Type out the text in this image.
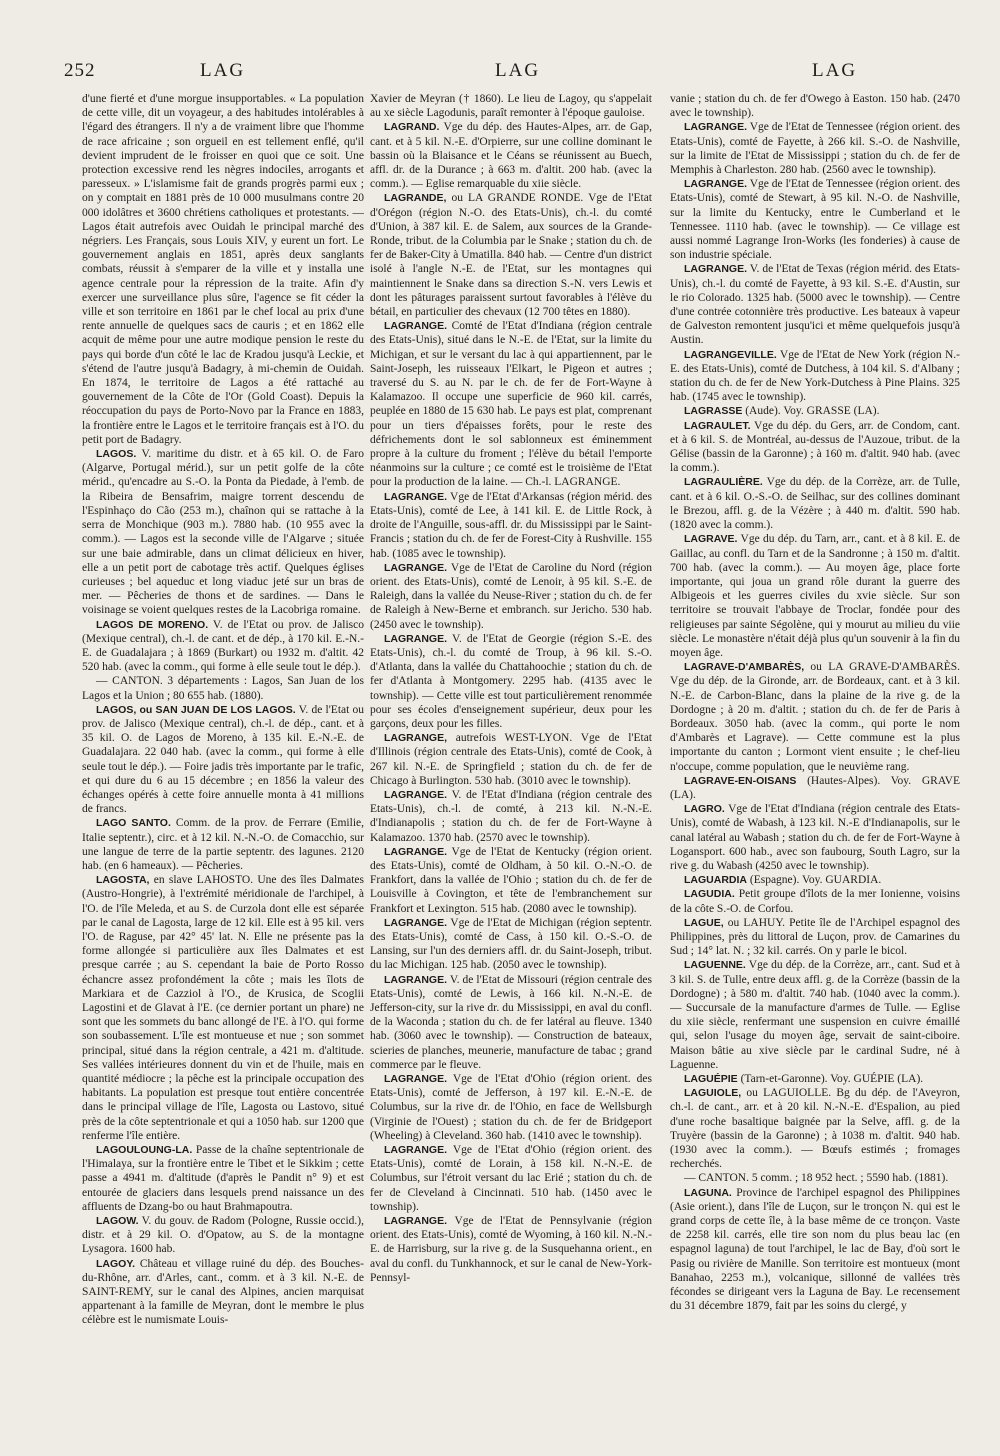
252	LAG	LAG	LAG

d'une fierté et d'une morgue insupportables. « La population de cette ville, dit un voyageur, a des habitudes intolérables à l'égard des étrangers. Il n'y a de vraiment libre que l'homme de race africaine ; son orgueil en est tellement enflé, qu'il devient imprudent de le froisser en quoi que ce soit. Une protection excessive rend les nègres indociles, arrogants et paresseux. » L'islamisme fait de grands progrès parmi eux ; on y comptait en 1881 près de 10 000 musulmans contre 20 000 idolâtres et 3600 chrétiens catholiques et protestants. — Lagos était autrefois avec Ouidah le principal marché des négriers. Les Français, sous Louis XIV, y eurent un fort. Le gouvernement anglais en 1851, après deux sanglants combats, réussit à s'emparer de la ville et y installa une agence centrale pour la répression de la traite. Afin d'y exercer une surveillance plus sûre, l'agence se fit céder la ville et son territoire en 1861 par le chef local au prix d'une rente annuelle de quelques sacs de cauris ; et en 1862 elle acquit de même pour une autre modique pension le reste du pays qui borde d'un côté le lac de Kradou jusqu'à Leckie, et s'étend de l'autre jusqu'à Badagry, à mi-chemin de Ouidah. En 1874, le territoire de Lagos a été rattaché au gouvernement de la Côte de l'Or (Gold Coast). Depuis la réoccupation du pays de Porto-Novo par la France en 1883, la frontière entre le Lagos et le territoire français est à l'O. du petit port de Badagry.

LAGOS. V. maritime du distr. et à 65 kil. O. de Faro (Algarve, Portugal mérid.), sur un petit golfe de la côte mérid., qu'encadre au S.-O. la Ponta da Piedade, à l'emb. de la Ribeira de Bensafrim, maigre torrent descendu de l'Espinhaço do Cão (253 m.), chaînon qui se rattache à la serra de Monchique (903 m.). 7880 hab. (10 955 avec la comm.). — Lagos est la seconde ville de l'Algarve ; située sur une baie admirable, dans un climat délicieux en hiver, elle a un petit port de cabotage très actif. Quelques églises curieuses ; bel aqueduc et long viaduc jeté sur un bras de mer. — Pêcheries de thons et de sardines. — Dans le voisinage se voient quelques restes de la Lacobriga romaine.

LAGOS DE MORENO. V. de l'Etat ou prov. de Jalisco (Mexique central), ch.-l. de cant. et de dép., à 170 kil. E.-N.-E. de Guadalajara ; à 1869 (Burkart) ou 1932 m. d'altit. 42 520 hab. (avec la comm., qui forme à elle seule tout le dép.).

— CANTON. 3 départements : Lagos, San Juan de los Lagos et la Union ; 80 655 hab. (1880).

LAGOS, ou SAN JUAN DE LOS LAGOS. V. de l'Etat ou prov. de Jalisco (Mexique central), ch.-l. de dép., cant. et à 35 kil. O. de Lagos de Moreno, à 135 kil. E.-N.-E. de Guadalajara. 22 040 hab. (avec la comm., qui forme à elle seule tout le dép.). — Foire jadis très importante par le trafic, et qui dure du 6 au 15 décembre ; en 1856 la valeur des échanges opérés à cette foire annuelle monta à 41 millions de francs.

LAGO SANTO. Comm. de la prov. de Ferrare (Emilie, Italie septentr.), circ. et à 12 kil. N.-N.-O. de Comacchio, sur une langue de terre de la partie septentr. des lagunes. 2120 hab. (en 6 hameaux). — Pêcheries.

LAGOSTA, en slave LAHOSTO. Une des îles Dalmates (Austro-Hongrie), à l'extrémité méridionale de l'archipel, à l'O. de l'île Meleda, et au S. de Curzola dont elle est séparée par le canal de Lagosta, large de 12 kil. Elle est à 95 kil. vers l'O. de Raguse, par 42° 45' lat. N. Elle ne présente pas la forme allongée si particulière aux îles Dalmates et est presque carrée ; au S. cependant la baie de Porto Rosso échancre assez profondément la côte ; mais les îlots de Markiara et de Cazziol à l'O., de Krusica, de Scoglii Lagostini et de Glavat à l'E. (ce dernier portant un phare) ne sont que les sommets du banc allongé de l'E. à l'O. qui forme son soubassement. L'île est montueuse et nue ; son sommet principal, situé dans la région centrale, a 421 m. d'altitude. Ses vallées intérieures donnent du vin et de l'huile, mais en quantité médiocre ; la pêche est la principale occupation des habitants. La population est presque tout entière concentrée dans le principal village de l'île, Lagosta ou Lastovo, situé près de la côte septentrionale et qui a 1050 hab. sur 1200 que renferme l'île entière.

LAGOULOUNG-LA. Passe de la chaîne septentrionale de l'Himalaya, sur la frontière entre le Tibet et le Sikkim ; cette passe a 4941 m. d'altitude (d'après le Pandit n° 9) et est entourée de glaciers dans lesquels prend naissance un des affluents de Dzang-bo ou haut Brahmapoutra.

LAGOW. V. du gouv. de Radom (Pologne, Russie occid.), distr. et à 29 kil. O. d'Opatow, au S. de la montagne Lysagora. 1600 hab.

LAGOY. Château et village ruiné du dép. des Bouches-du-Rhône, arr. d'Arles, cant., comm. et à 3 kil. N.-E. de SAINT-REMY, sur le canal des Alpines, ancien marquisat appartenant à la famille de Meyran, dont le membre le plus célèbre est le numismate Louis-

Xavier de Meyran († 1860). Le lieu de Lagoy, qu s'appelait au xe siècle Lagodunis, paraît remonter à l'époque gauloise.

LAGRAND. Vge du dép. des Hautes-Alpes, arr. de Gap, cant. et à 5 kil. N.-E. d'Orpierre, sur une colline dominant le bassin où la Blaisance et le Céans se réunissent au Buech, affl. dr. de la Durance ; à 663 m. d'altit. 200 hab. (avec la comm.). — Eglise remarquable du xiie siècle.

LAGRANDE, ou LA GRANDE RONDE. Vge de l'Etat d'Orégon (région N.-O. des Etats-Unis), ch.-l. du comté d'Union, à 387 kil. E. de Salem, aux sources de la Grande-Ronde, tribut. de la Columbia par le Snake ; station du ch. de fer de Baker-City à Umatilla. 840 hab. — Centre d'un district isolé à l'angle N.-E. de l'Etat, sur les montagnes qui maintiennent le Snake dans sa direction S.-N. vers Lewis et dont les pâturages paraissent surtout favorables à l'élève du bétail, en particulier des chevaux (12 700 têtes en 1880).

LAGRANGE. Comté de l'Etat d'Indiana (région centrale des Etats-Unis), situé dans le N.-E. de l'Etat, sur la limite du Michigan, et sur le versant du lac à qui appartiennent, par le Saint-Joseph, les ruisseaux l'Elkart, le Pigeon et autres ; traversé du S. au N. par le ch. de fer de Fort-Wayne à Kalamazoo. Il occupe une superficie de 960 kil. carrés, peuplée en 1880 de 15 630 hab. Le pays est plat, comprenant pour un tiers d'épaisses forêts, pour le reste des défrichements dont le sol sablonneux est éminemment propre à la culture du froment ; l'élève du bétail l'emporte néanmoins sur la culture ; ce comté est le troisième de l'Etat pour la production de la laine. — Ch.-l. LAGRANGE.

LAGRANGE. Vge de l'Etat d'Arkansas (région mérid. des Etats-Unis), comté de Lee, à 141 kil. E. de Little Rock, à droite de l'Anguille, sous-affl. dr. du Mississippi par le Saint-Francis ; station du ch. de fer de Forest-City à Rushville. 155 hab. (1085 avec le township).

LAGRANGE. Vge de l'Etat de Caroline du Nord (région orient. des Etats-Unis), comté de Lenoir, à 95 kil. S.-E. de Raleigh, dans la vallée du Neuse-River ; station du ch. de fer de Raleigh à New-Berne et embranch. sur Jericho. 530 hab. (2450 avec le township).

LAGRANGE. V. de l'Etat de Georgie (région S.-E. des Etats-Unis), ch.-l. du comté de Troup, à 96 kil. S.-O. d'Atlanta, dans la vallée du Chattahoochie ; station du ch. de fer d'Atlanta à Montgomery. 2295 hab. (4135 avec le township). — Cette ville est tout particulièrement renommée pour ses écoles d'enseignement supérieur, deux pour les garçons, deux pour les filles.

LAGRANGE, autrefois WEST-LYON. Vge de l'Etat d'Illinois (région centrale des Etats-Unis), comté de Cook, à 267 kil. N.-E. de Springfield ; station du ch. de fer de Chicago à Burlington. 530 hab. (3010 avec le township).

LAGRANGE. V. de l'Etat d'Indiana (région centrale des Etats-Unis), ch.-l. de comté, à 213 kil. N.-N.-E. d'Indianapolis ; station du ch. de fer de Fort-Wayne à Kalamazoo. 1370 hab. (2570 avec le township).

LAGRANGE. Vge de l'Etat de Kentucky (région orient. des Etats-Unis), comté de Oldham, à 50 kil. O.-N.-O. de Frankfort, dans la vallée de l'Ohio ; station du ch. de fer de Louisville à Covington, et tête de l'embranchement sur Frankfort et Lexington. 515 hab. (2080 avec le township).

LAGRANGE. Vge de l'Etat de Michigan (région septentr. des Etats-Unis), comté de Cass, à 150 kil. O.-S.-O. de Lansing, sur l'un des derniers affl. dr. du Saint-Joseph, tribut. du lac Michigan. 125 hab. (2050 avec le township).

LAGRANGE. V. de l'Etat de Missouri (région centrale des Etats-Unis), comté de Lewis, à 166 kil. N.-N.-E. de Jefferson-city, sur la rive dr. du Mississippi, en aval du confl. de la Waconda ; station du ch. de fer latéral au fleuve. 1340 hab. (3060 avec le township). — Construction de bateaux, scieries de planches, meunerie, manufacture de tabac ; grand commerce par le fleuve.

LAGRANGE. Vge de l'Etat d'Ohio (région orient. des Etats-Unis), comté de Jefferson, à 197 kil. E.-N.-E. de Columbus, sur la rive dr. de l'Ohio, en face de Wellsburgh (Virginie de l'Ouest) ; station du ch. de fer de Bridgeport (Wheeling) à Cleveland. 360 hab. (1410 avec le township).

LAGRANGE. Vge de l'Etat d'Ohio (région orient. des Etats-Unis), comté de Lorain, à 158 kil. N.-N.-E. de Columbus, sur l'étroit versant du lac Erié ; station du ch. de fer de Cleveland à Cincinnati. 510 hab. (1450 avec le township).

LAGRANGE. Vge de l'Etat de Pennsylvanie (région orient. des Etats-Unis), comté de Wyoming, à 160 kil. N.-N.-E. de Harrisburg, sur la rive g. de la Susquehanna orient., en aval du confl. du Tunkhannock, et sur le canal de New-York-Pennsyl-

vanie ; station du ch. de fer d'Owego à Easton. 150 hab. (2470 avec le township).

LAGRANGE. Vge de l'Etat de Tennessee (région orient. des Etats-Unis), comté de Fayette, à 266 kil. S.-O. de Nashville, sur la limite de l'Etat de Mississippi ; station du ch. de fer de Memphis à Charleston. 280 hab. (2560 avec le township).

LAGRANGE. Vge de l'Etat de Tennessee (région orient. des Etats-Unis), comté de Stewart, à 95 kil. N.-O. de Nashville, sur la limite du Kentucky, entre le Cumberland et le Tennessee. 1110 hab. (avec le township). — Ce village est aussi nommé Lagrange Iron-Works (les fonderies) à cause de son industrie spéciale.

LAGRANGE. V. de l'Etat de Texas (région mérid. des Etats-Unis), ch.-l. du comté de Fayette, à 93 kil. S.-E. d'Austin, sur le rio Colorado. 1325 hab. (5000 avec le township). — Centre d'une contrée cotonnière très productive. Les bateaux à vapeur de Galveston remontent jusqu'ici et même quelquefois jusqu'à Austin.

LAGRANGEVILLE. Vge de l'Etat de New York (région N.-E. des Etats-Unis), comté de Dutchess, à 104 kil. S. d'Albany ; station du ch. de fer de New York-Dutchess à Pine Plains. 325 hab. (1745 avec le township).

LAGRASSE (Aude). Voy. GRASSE (LA).

LAGRAULET. Vge du dép. du Gers, arr. de Condom, cant. et à 6 kil. S. de Montréal, au-dessus de l'Auzoue, tribut. de la Gélise (bassin de la Garonne) ; à 160 m. d'altit. 940 hab. (avec la comm.).

LAGRAULIÈRE. Vge du dép. de la Corrèze, arr. de Tulle, cant. et à 6 kil. O.-S.-O. de Seilhac, sur des collines dominant le Brezou, affl. g. de la Vézère ; à 440 m. d'altit. 590 hab. (1820 avec la comm.).

LAGRAVE. Vge du dép. du Tarn, arr., cant. et à 8 kil. E. de Gaillac, au confl. du Tarn et de la Sandronne ; à 150 m. d'altit. 700 hab. (avec la comm.). — Au moyen âge, place forte importante, qui joua un grand rôle durant la guerre des Albigeois et les guerres civiles du xvie siècle. Sur son territoire se trouvait l'abbaye de Troclar, fondée pour des religieuses par sainte Ségolène, qui y mourut au milieu du viie siècle. Le monastère n'était déjà plus qu'un souvenir à la fin du moyen âge.

LAGRAVE-D'AMBARÈS, ou LA GRAVE-D'AMBARÈS. Vge du dép. de la Gironde, arr. de Bordeaux, cant. et à 3 kil. N.-E. de Carbon-Blanc, dans la plaine de la rive g. de la Dordogne ; à 20 m. d'altit. ; station du ch. de fer de Paris à Bordeaux. 3050 hab. (avec la comm., qui porte le nom d'Ambarès et Lagrave). — Cette commune est la plus importante du canton ; Lormont vient ensuite ; le chef-lieu n'occupe, comme population, que le neuvième rang.

LAGRAVE-EN-OISANS (Hautes-Alpes). Voy. GRAVE (LA).

LAGRO. Vge de l'Etat d'Indiana (région centrale des Etats-Unis), comté de Wabash, à 123 kil. N.-E d'Indianapolis, sur le canal latéral au Wabash ; station du ch. de fer de Fort-Wayne à Logansport. 600 hab., avec son faubourg, South Lagro, sur la rive g. du Wabash (4250 avec le township).

LAGUARDIA (Espagne). Voy. GUARDIA.

LAGUDIA. Petit groupe d'îlots de la mer Ionienne, voisins de la côte S.-O. de Corfou.

LAGUE, ou LAHUY. Petite île de l'Archipel espagnol des Philippines, près du littoral de Luçon, prov. de Camarines du Sud ; 14° lat. N. ; 32 kil. carrés. On y parle le bicol.

LAGUENNE. Vge du dép. de la Corrèze, arr., cant. Sud et à 3 kil. S. de Tulle, entre deux affl. g. de la Corrèze (bassin de la Dordogne) ; à 580 m. d'altit. 740 hab. (1040 avec la comm.). — Succursale de la manufacture d'armes de Tulle. — Eglise du xiie siècle, renfermant une suspension en cuivre émaillé qui, selon l'usage du moyen âge, servait de saint-ciboire. Maison bâtie au xive siècle par le cardinal Sudre, né à Laguenne.

LAGUÉPIE (Tarn-et-Garonne). Voy. GUÉPIE (LA).

LAGUIOLE, ou LAGUIOLLE. Bg du dép. de l'Aveyron, ch.-l. de cant., arr. et à 20 kil. N.-N.-E. d'Espalion, au pied d'une roche basaltique baignée par la Selve, affl. g. de la Truyère (bassin de la Garonne) ; à 1038 m. d'altit. 940 hab. (1930 avec la comm.). — Bœufs estimés ; fromages recherchés.

— CANTON. 5 comm. ; 18 952 hect. ; 5590 hab. (1881).

LAGUNA. Province de l'archipel espagnol des Philippines (Asie orient.), dans l'île de Luçon, sur le tronçon N. qui est le grand corps de cette île, à la base même de ce tronçon. Vaste de 2258 kil. carrés, elle tire son nom du plus beau lac (en espagnol laguna) de tout l'archipel, le lac de Bay, d'où sort le Pasig ou rivière de Manille. Son territoire est montueux (mont Banahao, 2253 m.), volcanique, sillonné de vallées très fécondes se dirigeant vers la Laguna de Bay. Le recensement du 31 décembre 1879, fait par les soins du clergé, y
